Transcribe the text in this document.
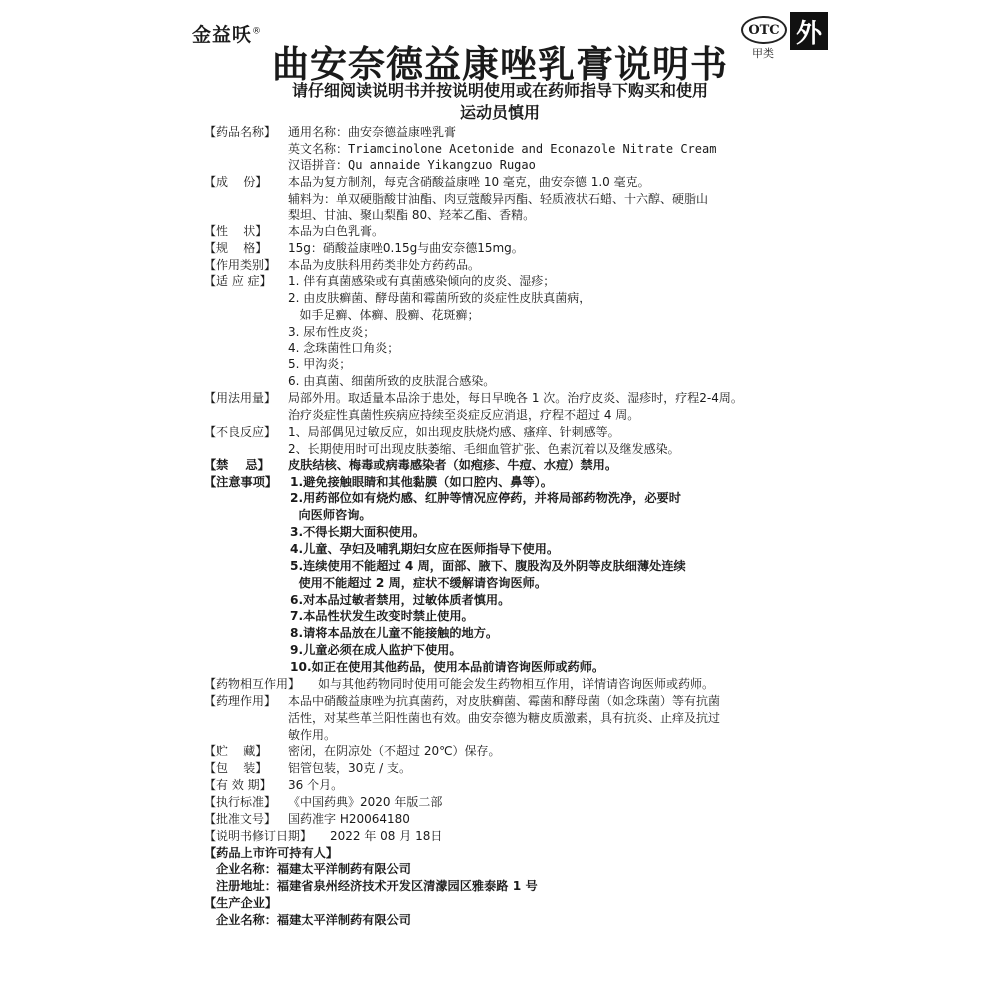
金益㕭®	OTC
甲类
外
曲安奈德益康唑乳膏说明书
请仔细阅读说明书并按说明使用或在药师指导下购买和使用
运动员慎用
【药品名称】 通用名称：曲安奈德益康唑乳膏
英文名称：Triamcinolone Acetonide and Econazole Nitrate Cream
汉语拼音：Qu annaide Yikangzuo Rugao
【成    份】 本品为复方制剂，每克含硝酸益康唑 10 毫克，曲安奈德 1.0 毫克。
辅料为：单双硬脂酸甘油酯、肉豆蔻酸异丙酯、轻质液状石蜡、十六醇、硬脂山
梨坦、甘油、聚山梨酯 80、羟苯乙酯、香精。
【性    状】 本品为白色乳膏。
【规    格】 15g：硝酸益康唑0.15g与曲安奈德15mg。
【作用类别】 本品为皮肤科用药类非处方药药品。
【适 应 症】 1. 伴有真菌感染或有真菌感染倾向的皮炎、湿疹；
2. 由皮肤癣菌、酵母菌和霉菌所致的炎症性皮肤真菌病，
如手足癣、体癣、股癣、花斑癣；
3. 尿布性皮炎；
4. 念珠菌性口角炎；
5. 甲沟炎；
6. 由真菌、细菌所致的皮肤混合感染。
【用法用量】 局部外用。取适量本品涂于患处，每日早晚各 1 次。治疗皮炎、湿疹时，疗程2-4周。
治疗炎症性真菌性疾病应持续至炎症反应消退，疗程不超过 4 周。
【不良反应】 1、局部偶见过敏反应，如出现皮肤烧灼感、瘙痒、针刺感等。
2、长期使用时可出现皮肤萎缩、毛细血管扩张、色素沉着以及继发感染。
【禁    忌】 皮肤结核、梅毒或病毒感染者（如疱疹、牛痘、水痘）禁用。
【注意事项】 1.避免接触眼睛和其他黏膜（如口腔内、鼻等）。
2.用药部位如有烧灼感、红肿等情况应停药，并将局部药物洗净，必要时
向医师咨询。
3.不得长期大面积使用。
4.儿童、孕妇及哺乳期妇女应在医师指导下使用。
5.连续使用不能超过 4 周，面部、腋下、腹股沟及外阴等皮肤细薄处连续
使用不能超过 2 周，症状不缓解请咨询医师。
6.对本品过敏者禁用，过敏体质者慎用。
7.本品性状发生改变时禁止使用。
8.请将本品放在儿童不能接触的地方。
9.儿童必须在成人监护下使用。
10.如正在使用其他药品，使用本品前请咨询医师或药师。
【药物相互作用】 如与其他药物同时使用可能会发生药物相互作用，详情请咨询医师或药师。
【药理作用】 本品中硝酸益康唑为抗真菌药，对皮肤癣菌、霉菌和酵母菌（如念珠菌）等有抗菌
活性，对某些革兰阳性菌也有效。曲安奈德为糖皮质激素，具有抗炎、止痒及抗过
敏作用。
【贮    藏】 密闭，在阴凉处（不超过 20℃）保存。
【包    装】 铝管包装，30克 / 支。
【有 效 期】 36 个月。
【执行标准】 《中国药典》2020 年版二部
【批准文号】 国药准字 H20064180
【说明书修订日期】 2022 年 08 月 18日
【药品上市许可持有人】
企业名称：福建太平洋制药有限公司
注册地址：福建省泉州经济技术开发区清濛园区雅泰路 1 号
【生产企业】
企业名称：福建太平洋制药有限公司
